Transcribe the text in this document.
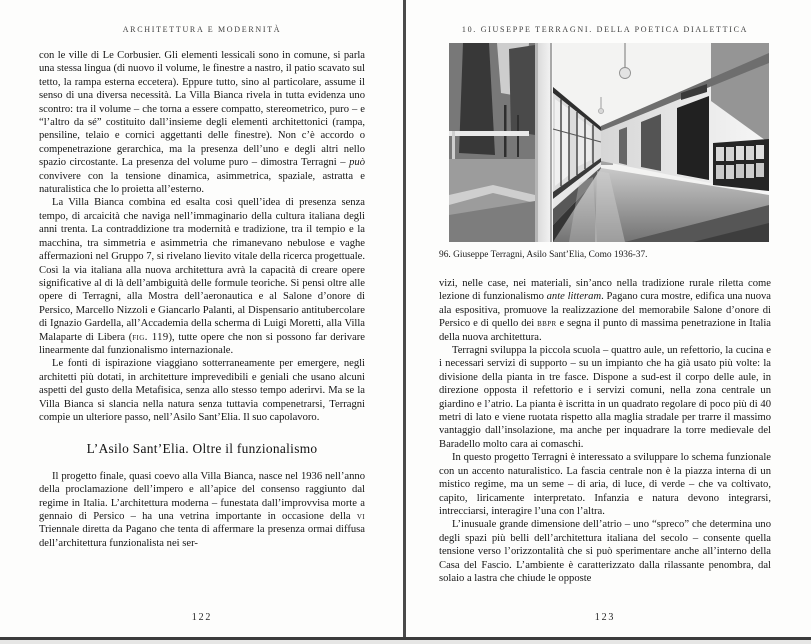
ARCHITETTURA E MODERNITÀ

con le ville di Le Corbusier. Gli elementi lessicali sono in comune, si parla una stessa lingua (di nuovo il volume, le finestre a nastro, il patio scavato sul tetto, la rampa esterna eccetera). Eppure tutto, sino al particolare, assume il senso di una diversa necessità. La Villa Bianca rivela in tutta evidenza uno scontro: tra il volume – che torna a essere compatto, stereometrico, puro – e “l’altro da sé” costituito dall’insieme degli elementi architettonici (rampa, pensiline, telaio e cornici aggettanti delle finestre). Non c’è accordo o compenetrazione gerarchica, ma la presenza dell’uno e degli altri nello spazio circostante. La presenza del volume puro – dimostra Terragni – può convivere con la tensione dinamica, asimmetrica, spaziale, astratta e naturalistica che lo proietta all’esterno.

La Villa Bianca combina ed esalta così quell’idea di presenza senza tempo, di arcaicità che naviga nell’immaginario della cultura italiana degli anni trenta. La contraddizione tra modernità e tradizione, tra il tempio e la macchina, tra simmetria e asimmetria che rimanevano nebulose e vaghe affermazioni nel Gruppo 7, si rivelano lievito vitale della ricerca progettuale. Così la via italiana alla nuova architettura avrà la capacità di creare opere significative al di là dell’ambiguità delle formule teoriche. Si pensi oltre alle opere di Terragni, alla Mostra dell’aeronautica e al Salone d’onore di Persico, Marcello Nizzoli e Giancarlo Palanti, al Dispensario antitubercolare di Ignazio Gardella, all’Accademia della scherma di Luigi Moretti, alla Villa Malaparte di Libera (fig. 119), tutte opere che non si possono far derivare linearmente dal funzionalismo internazionale.

Le fonti di ispirazione viaggiano sotterraneamente per emergere, negli architetti più dotati, in architetture imprevedibili e geniali che usano alcuni aspetti del gusto della Metafisica, senza allo stesso tempo aderirvi. Ma se la Villa Bianca si slancia nella natura senza tuttavia compenetrarsi, Terragni compie un ulteriore passo, nell’Asilo Sant’Elia. Il suo capolavoro.

L’Asilo Sant’Elia. Oltre il funzionalismo

Il progetto finale, quasi coevo alla Villa Bianca, nasce nel 1936 nell’anno della proclamazione dell’impero e all’apice del consenso raggiunto dal regime in Italia. L’architettura moderna – funestata dall’improvvisa morte a gennaio di Persico – ha una vetrina importante in occasione della vi Triennale diretta da Pagano che tenta di affermare la presenza ormai diffusa dell’architettura funzionalista nei ser-

122
10. GIUSEPPE TERRAGNI. DELLA POETICA DIALETTICA
96. Giuseppe Terragni, Asilo Sant’Elia, Como 1936-37.

vizi, nelle case, nei materiali, sin’anco nella tradizione rurale riletta come lezione di funzionalismo ante litteram. Pagano cura mostre, edifica una nuova ala espositiva, promuove la realizzazione del memorabile Salone d’onore di Persico e di quello dei bbpr e segna il punto di massima penetrazione in Italia della nuova architettura.

Terragni sviluppa la piccola scuola – quattro aule, un refettorio, la cucina e i necessari servizi di supporto – su un impianto che ha già usato più volte: la divisione della pianta in tre fasce. Dispone a sud-est il corpo delle aule, in direzione opposta il refettorio e i servizi comuni, nella zona centrale un giardino e l’atrio. La pianta è iscritta in un quadrato regolare di poco più di 40 metri di lato e viene ruotata rispetto alla maglia stradale per trarre il massimo vantaggio dall’insolazione, ma anche per inquadrare la torre medievale del Baradello molto cara ai comaschi.

In questo progetto Terragni è interessato a sviluppare lo schema funzionale con un accento naturalistico. La fascia centrale non è la piazza interna di un mistico regime, ma un seme – di aria, di luce, di verde – che va coltivato, capito, liricamente interpretato. Infanzia e natura devono integrarsi, intrecciarsi, interagire l’una con l’altra.

L’inusuale grande dimensione dell’atrio – uno “spreco” che determina uno degli spazi più belli dell’architettura italiana del secolo – consente quella tensione verso l’orizzontalità che si può sperimentare anche all’interno della Casa del Fascio. L’ambiente è caratterizzato dalla rilassante penombra, dal solaio a lastra che chiude le opposte

123
